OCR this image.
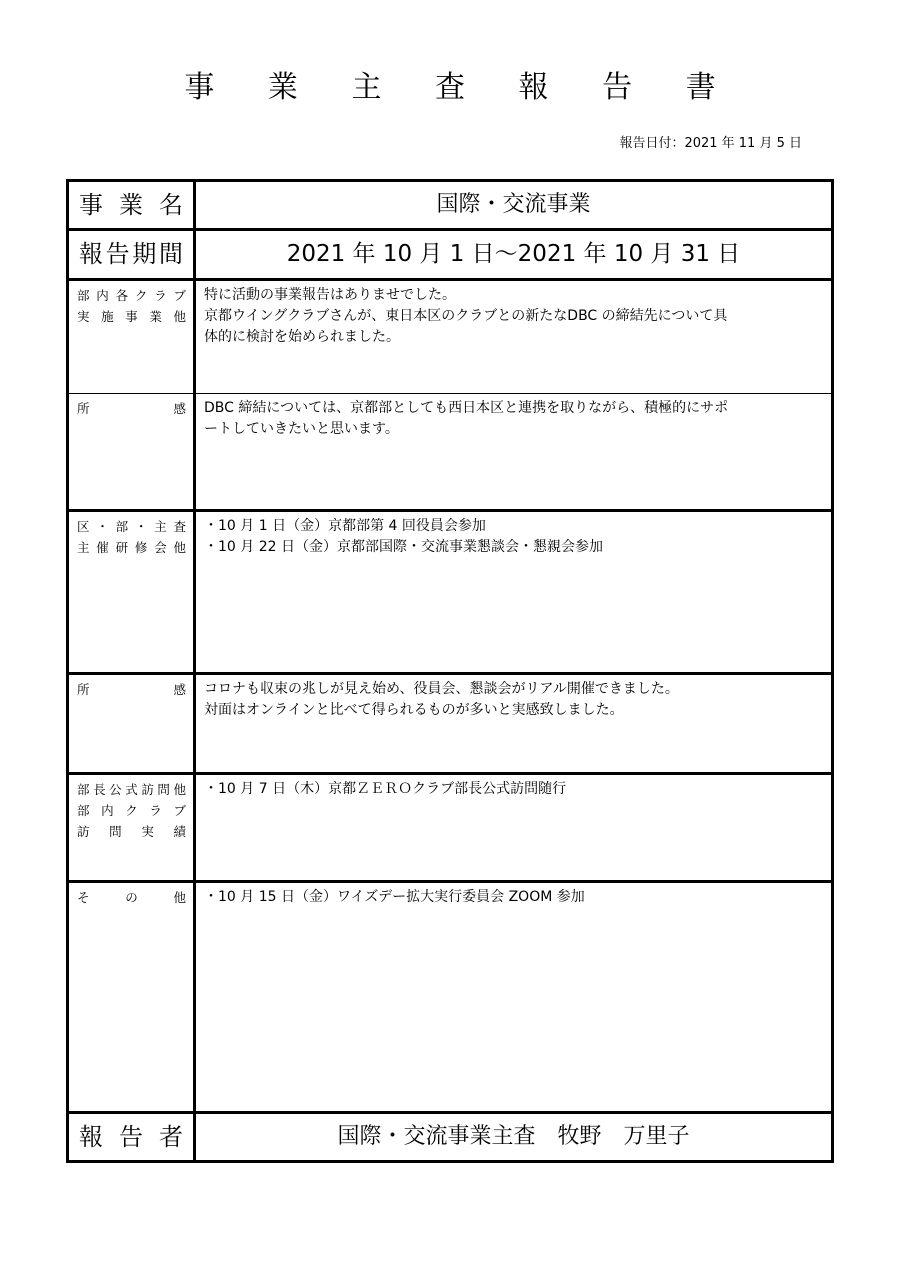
事 業 主 査 報 告 書
報告日付：2021 年 11 月 5 日
事 業 名	国際・交流事業
報告期間	2021 年 10 月 1 日～2021 年 10 月 31 日

部内各クラブ
実施事業他	特に活動の事業報告はありませでした。
京都ウイングクラブさんが、東日本区のクラブとの新たなDBC の締結先について具
体的に検討を始められました。

所　　感	DBC 締結については、京都部としても西日本区と連携を取りながら、積極的にサポ
ートしていきたいと思います。

区・部・主査
主催研修会他	・10 月 1 日（金）京都部第 4 回役員会参加
・10 月 22 日（金）京都部国際・交流事業懇談会・懇親会参加

所　　感	コロナも収束の兆しが見え始め、役員会、懇談会がリアル開催できました。
対面はオンラインと比べて得られるものが多いと実感致しました。

部長公式訪問他
部内クラブ
訪問実績	・10 月 7 日（木）京都ＺＥＲＯクラブ部長公式訪問随行

そ の 他	・10 月 15 日（金）ワイズデー拡大実行委員会 ZOOM 参加

報 告 者	国際・交流事業主査　牧野　万里子
